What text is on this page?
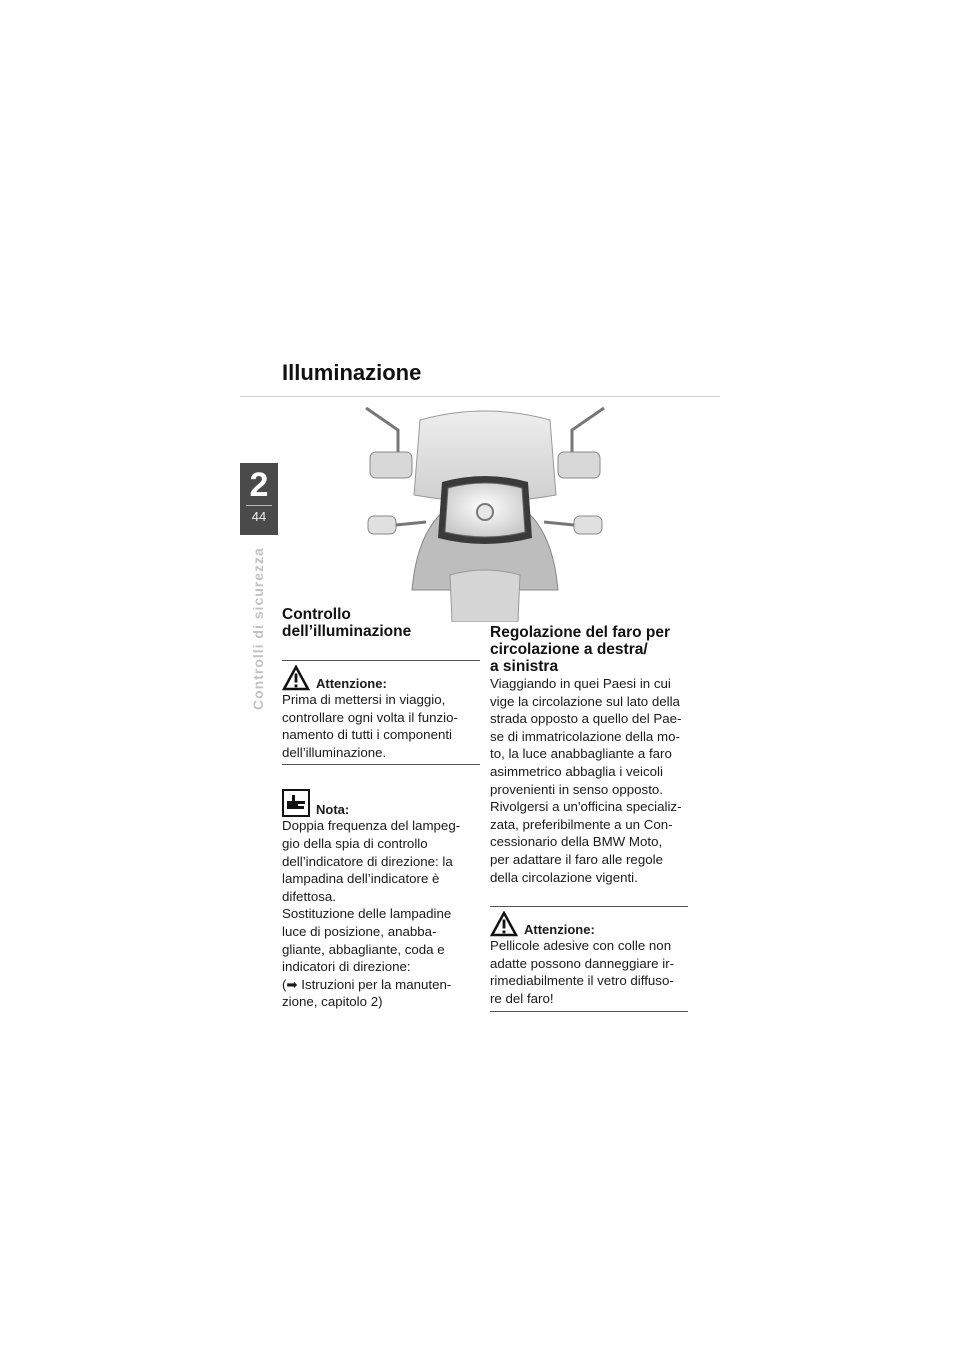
2
44
Controlli di sicurezza
Illuminazione
Controllo
dell’illuminazione
Attenzione:

Prima di mettersi in viaggio,
controllare ogni volta il funzio-
namento di tutti i componenti
dell’illuminazione.

Nota:

Doppia frequenza del lampeg-
gio della spia di controllo
dell’indicatore di direzione: la
lampadina dell’indicatore è
difettosa.
Sostituzione delle lampadine
luce di posizione, anabba-
gliante, abbagliante, coda e
indicatori di direzione:
(➡ Istruzioni per la manuten-
zione, capitolo 2)

Regolazione del faro per
circolazione a destra/
a sinistra

Viaggiando in quei Paesi in cui
vige la circolazione sul lato della
strada opposto a quello del Pae-
se di immatricolazione della mo-
to, la luce anabbagliante a faro
asimmetrico abbaglia i veicoli
provenienti in senso opposto.
Rivolgersi a un'officina specializ-
zata, preferibilmente a un Con-
cessionario della BMW Moto,
per adattare il faro alle regole
della circolazione vigenti.

Attenzione:

Pellicole adesive con colle non
adatte possono danneggiare ir-
rimediabilmente il vetro diffuso-
re del faro!
